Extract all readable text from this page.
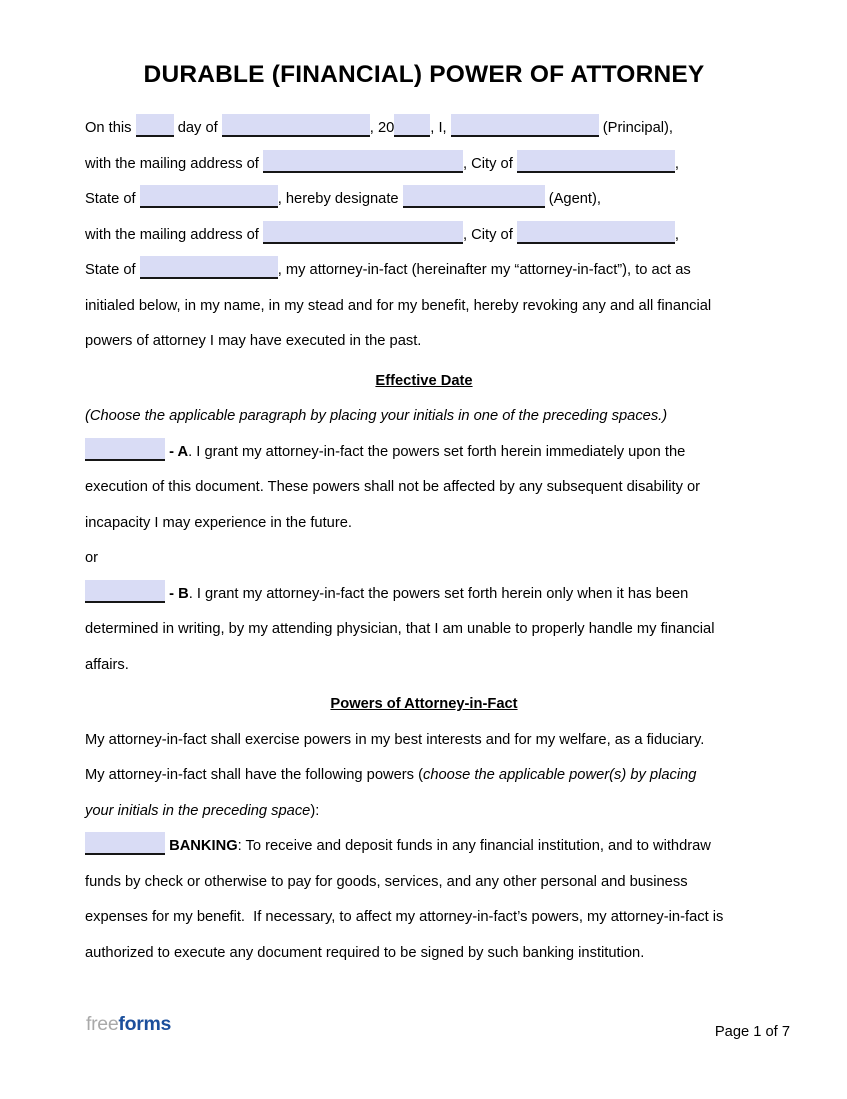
DURABLE (FINANCIAL) POWER OF ATTORNEY
On this	day of	, 20 , I,	(Principal),
with the mailing address of	, City of	,
State of	, hereby designate	(Agent),
with the mailing address of	, City of	,
State of	, my attorney-in-fact (hereinafter my “attorney-in-fact”), to act as
initialed below, in my name, in my stead and for my benefit, hereby revoking any and all financial
powers of attorney I may have executed in the past.
Effective Date
(Choose the applicable paragraph by placing your initials in one of the preceding spaces.)
- A. I grant my attorney-in-fact the powers set forth herein immediately upon the
execution of this document. These powers shall not be affected by any subsequent disability or
incapacity I may experience in the future.
or
- B. I grant my attorney-in-fact the powers set forth herein only when it has been
determined in writing, by my attending physician, that I am unable to properly handle my financial
affairs.
Powers of Attorney-in-Fact
My attorney-in-fact shall exercise powers in my best interests and for my welfare, as a fiduciary.
My attorney-in-fact shall have the following powers (choose the applicable power(s) by placing
your initials in the preceding space):
BANKING: To receive and deposit funds in any financial institution, and to withdraw
funds by check or otherwise to pay for goods, services, and any other personal and business
expenses for my benefit.  If necessary, to affect my attorney-in-fact’s powers, my attorney-in-fact is
authorized to execute any document required to be signed by such banking institution.
freeforms	Page 1 of 7
